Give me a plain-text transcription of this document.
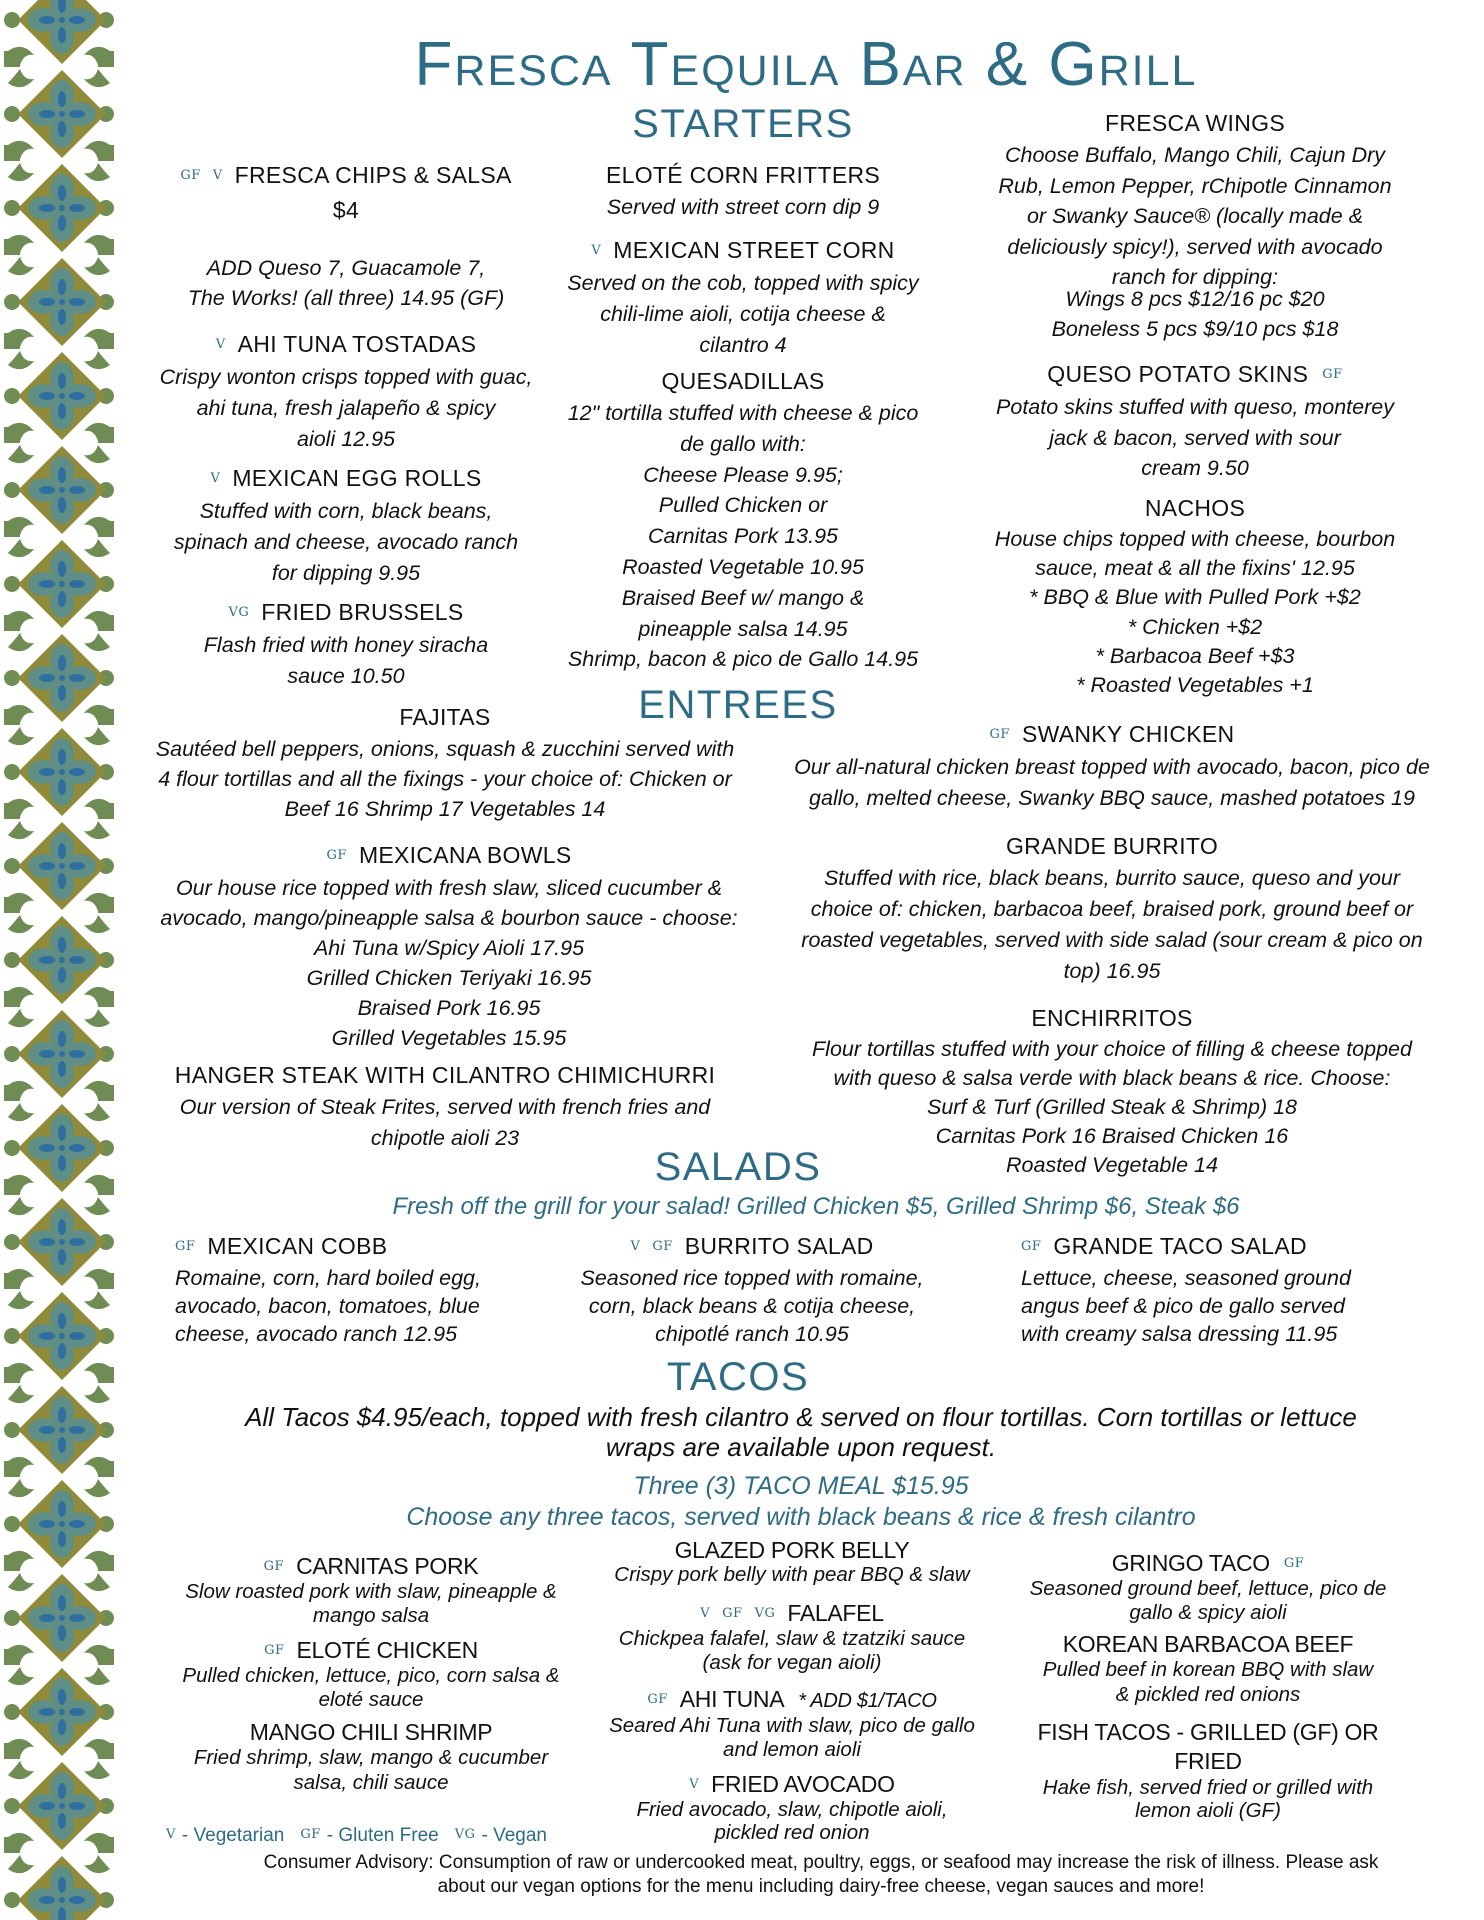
Fresca Tequila Bar & Grill
STARTERS
ENTREES
SALADS
Fresh off the grill for your salad! Grilled Chicken $5, Grilled Shrimp $6, Steak $6
TACOS
All Tacos $4.95/each, topped with fresh cilantro & served on flour tortillas. Corn tortillas or lettuce
wraps are available upon request.
Three (3) TACO MEAL $15.95
Choose any three tacos, served with black beans & rice & fresh cilantro
GF V FRESCA CHIPS & SALSA
$4
ADD Queso 7, Guacamole 7,
The Works! (all three) 14.95 (GF)
V AHI TUNA TOSTADAS
Crispy wonton crisps topped with guac,
ahi tuna, fresh jalapeño & spicy
aioli 12.95
V MEXICAN EGG ROLLS
Stuffed with corn, black beans,
spinach and cheese, avocado ranch
for dipping 9.95
VG FRIED BRUSSELS
Flash fried with honey siracha
sauce 10.50
ELOTÉ CORN FRITTERS
Served with street corn dip 9
V MEXICAN STREET CORN
Served on the cob, topped with spicy
chili-lime aioli, cotija cheese &
cilantro 4
QUESADILLAS
12" tortilla stuffed with cheese & pico
de gallo with:
Cheese Please 9.95;
Pulled Chicken or
Carnitas Pork 13.95
Roasted Vegetable 10.95
Braised Beef w/ mango &
pineapple salsa 14.95
Shrimp, bacon & pico de Gallo 14.95
FRESCA WINGS
Choose Buffalo, Mango Chili, Cajun Dry
Rub, Lemon Pepper, rChipotle Cinnamon
or Swanky Sauce® (locally made &
deliciously spicy!), served with avocado
ranch for dipping:
Wings 8 pcs $12/16 pc $20
Boneless 5 pcs $9/10 pcs $18
QUESO POTATO SKINS GF
Potato skins stuffed with queso, monterey
jack & bacon, served with sour
cream 9.50
NACHOS
House chips topped with cheese, bourbon
sauce, meat & all the fixins' 12.95
* BBQ & Blue with Pulled Pork +$2
* Chicken +$2
* Barbacoa Beef +$3
* Roasted Vegetables +1
FAJITAS
Sautéed bell peppers, onions, squash & zucchini served with
4 flour tortillas and all the fixings - your choice of: Chicken or
Beef 16 Shrimp 17 Vegetables 14
GF MEXICANA BOWLS
Our house rice topped with fresh slaw, sliced cucumber &
avocado, mango/pineapple salsa & bourbon sauce - choose:
Ahi Tuna w/Spicy Aioli 17.95
Grilled Chicken Teriyaki 16.95
Braised Pork 16.95
Grilled Vegetables 15.95
HANGER STEAK WITH CILANTRO CHIMICHURRI
Our version of Steak Frites, served with french fries and
chipotle aioli 23
GF SWANKY CHICKEN
Our all-natural chicken breast topped with avocado, bacon, pico de
gallo, melted cheese, Swanky BBQ sauce, mashed potatoes 19
GRANDE BURRITO
Stuffed with rice, black beans, burrito sauce, queso and your
choice of: chicken, barbacoa beef, braised pork, ground beef or
roasted vegetables, served with side salad (sour cream & pico on
top) 16.95
ENCHIRRITOS
Flour tortillas stuffed with your choice of filling & cheese topped
with queso & salsa verde with black beans & rice. Choose:
Surf & Turf (Grilled Steak & Shrimp) 18
Carnitas Pork 16 Braised Chicken 16
Roasted Vegetable 14
GF MEXICAN COBB
Romaine, corn, hard boiled egg,
avocado, bacon, tomatoes, blue
cheese, avocado ranch 12.95
V GF BURRITO SALAD
Seasoned rice topped with romaine,
corn, black beans & cotija cheese,
chipotlé ranch 10.95
GF GRANDE TACO SALAD
Lettuce, cheese, seasoned ground
angus beef & pico de gallo served
with creamy salsa dressing 11.95
GF CARNITAS PORK
Slow roasted pork with slaw, pineapple &
mango salsa
GF ELOTÉ CHICKEN
Pulled chicken, lettuce, pico, corn salsa &
eloté sauce
MANGO CHILI SHRIMP
Fried shrimp, slaw, mango & cucumber
salsa, chili sauce
GLAZED PORK BELLY
Crispy pork belly with pear BBQ & slaw
V GF VG FALAFEL
Chickpea falafel, slaw & tzatziki sauce
(ask for vegan aioli)
GF AHI TUNA * ADD $1/TACO
Seared Ahi Tuna with slaw, pico de gallo
and lemon aioli
V FRIED AVOCADO
Fried avocado, slaw, chipotle aioli,
pickled red onion
GRINGO TACO GF
Seasoned ground beef, lettuce, pico de
gallo & spicy aioli
KOREAN BARBACOA BEEF
Pulled beef in korean BBQ with slaw
& pickled red onions
FISH TACOS - GRILLED (GF) OR
FRIED
Hake fish, served fried or grilled with
lemon aioli (GF)
V - Vegetarian GF - Gluten Free VG - Vegan
Consumer Advisory: Consumption of raw or undercooked meat, poultry, eggs, or seafood may increase the risk of illness. Please ask
about our vegan options for the menu including dairy-free cheese, vegan sauces and more!
